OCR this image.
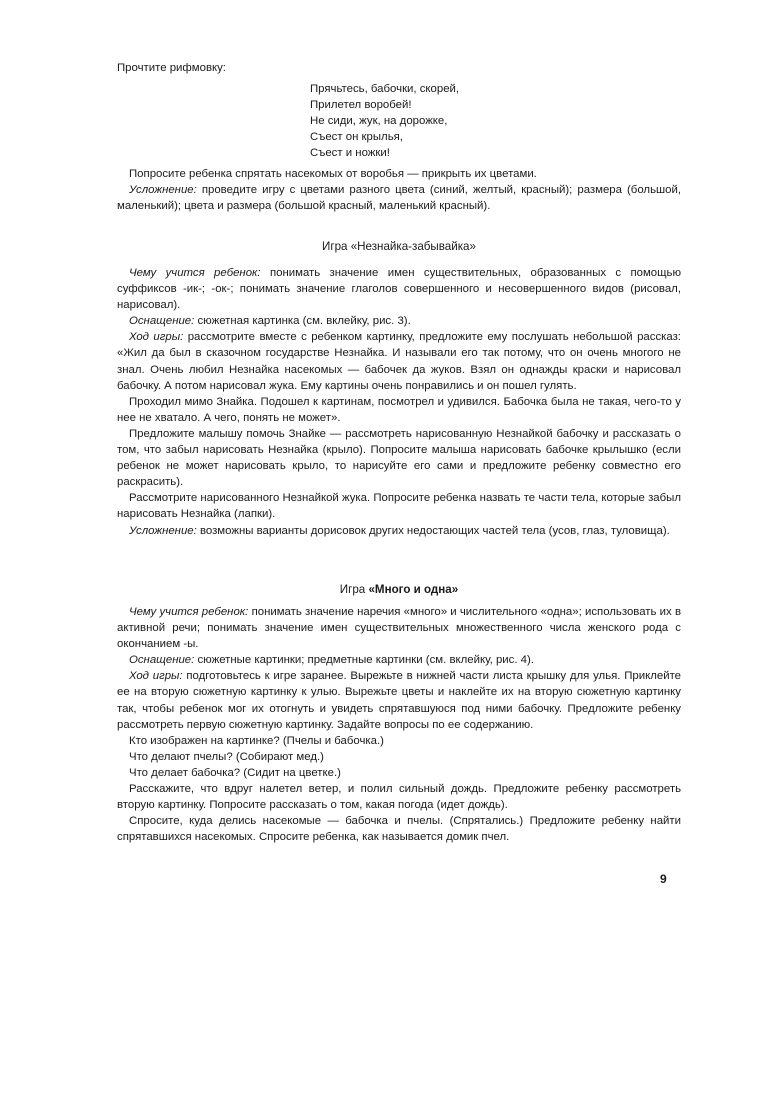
Прочтите рифмовку:

Прячьтесь, бабочки, скорей,
Прилетел воробей!
Не сиди, жук, на дорожке,
Съест он крылья,
Съест и ножки!

Попросите ребенка спрятать насекомых от воробья — прикрыть их цветами.

Усложнение: проведите игру с цветами разного цвета (синий, желтый, красный); размера (большой, маленький); цвета и размера (большой красный, маленький красный).

Игра «Незнайка-забывайка»

Чему учится ребенок: понимать значение имен существительных, образованных с помощью суффиксов -ик-; -ок-; понимать значение глаголов совершенного и несовершенного видов (рисовал, нарисовал).

Оснащение: сюжетная картинка (см. вклейку, рис. 3).

Ход игры: рассмотрите вместе с ребенком картинку, предложите ему послушать небольшой рассказ: «Жил да был в сказочном государстве Незнайка. И называли его так потому, что он очень многого не знал. Очень любил Незнайка насекомых — бабочек да жуков. Взял он однажды краски и нарисовал бабочку. А потом нарисовал жука. Ему картины очень понравились и он пошел гулять.

Проходил мимо Знайка. Подошел к картинам, посмотрел и удивился. Бабочка была не такая, чего-то у нее не хватало. А чего, понять не может».

Предложите малышу помочь Знайке — рассмотреть нарисованную Незнайкой бабочку и рассказать о том, что забыл нарисовать Незнайка (крыло). Попросите малыша нарисовать бабочке крылышко (если ребенок не может нарисовать крыло, то нарисуйте его сами и предложите ребенку совместно его раскрасить).

Рассмотрите нарисованного Незнайкой жука. Попросите ребенка назвать те части тела, которые забыл нарисовать Незнайка (лапки).

Усложнение: возможны варианты дорисовок других недостающих частей тела (усов, глаз, туловища).

Игра «Много и одна»

Чему учится ребенок: понимать значение наречия «много» и числительного «одна»; использовать их в активной речи; понимать значение имен существительных множественного числа женского рода с окончанием -ы.

Оснащение: сюжетные картинки; предметные картинки (см. вклейку, рис. 4).

Ход игры: подготовьтесь к игре заранее. Вырежьте в нижней части листа крышку для улья. Приклейте ее на вторую сюжетную картинку к улью. Вырежьте цветы и наклейте их на вторую сюжетную картинку так, чтобы ребенок мог их отогнуть и увидеть спрятавшуюся под ними бабочку. Предложите ребенку рассмотреть первую сюжетную картинку. Задайте вопросы по ее содержанию.

Кто изображен на картинке? (Пчелы и бабочка.)

Что делают пчелы? (Собирают мед.)

Что делает бабочка? (Сидит на цветке.)

Расскажите, что вдруг налетел ветер, и полил сильный дождь. Предложите ребенку рассмотреть вторую картинку. Попросите рассказать о том, какая погода (идет дождь).

Спросите, куда делись насекомые — бабочка и пчелы. (Спрятались.) Предложите ребенку найти спрятавшихся насекомых. Спросите ребенка, как называется домик пчел.

9
